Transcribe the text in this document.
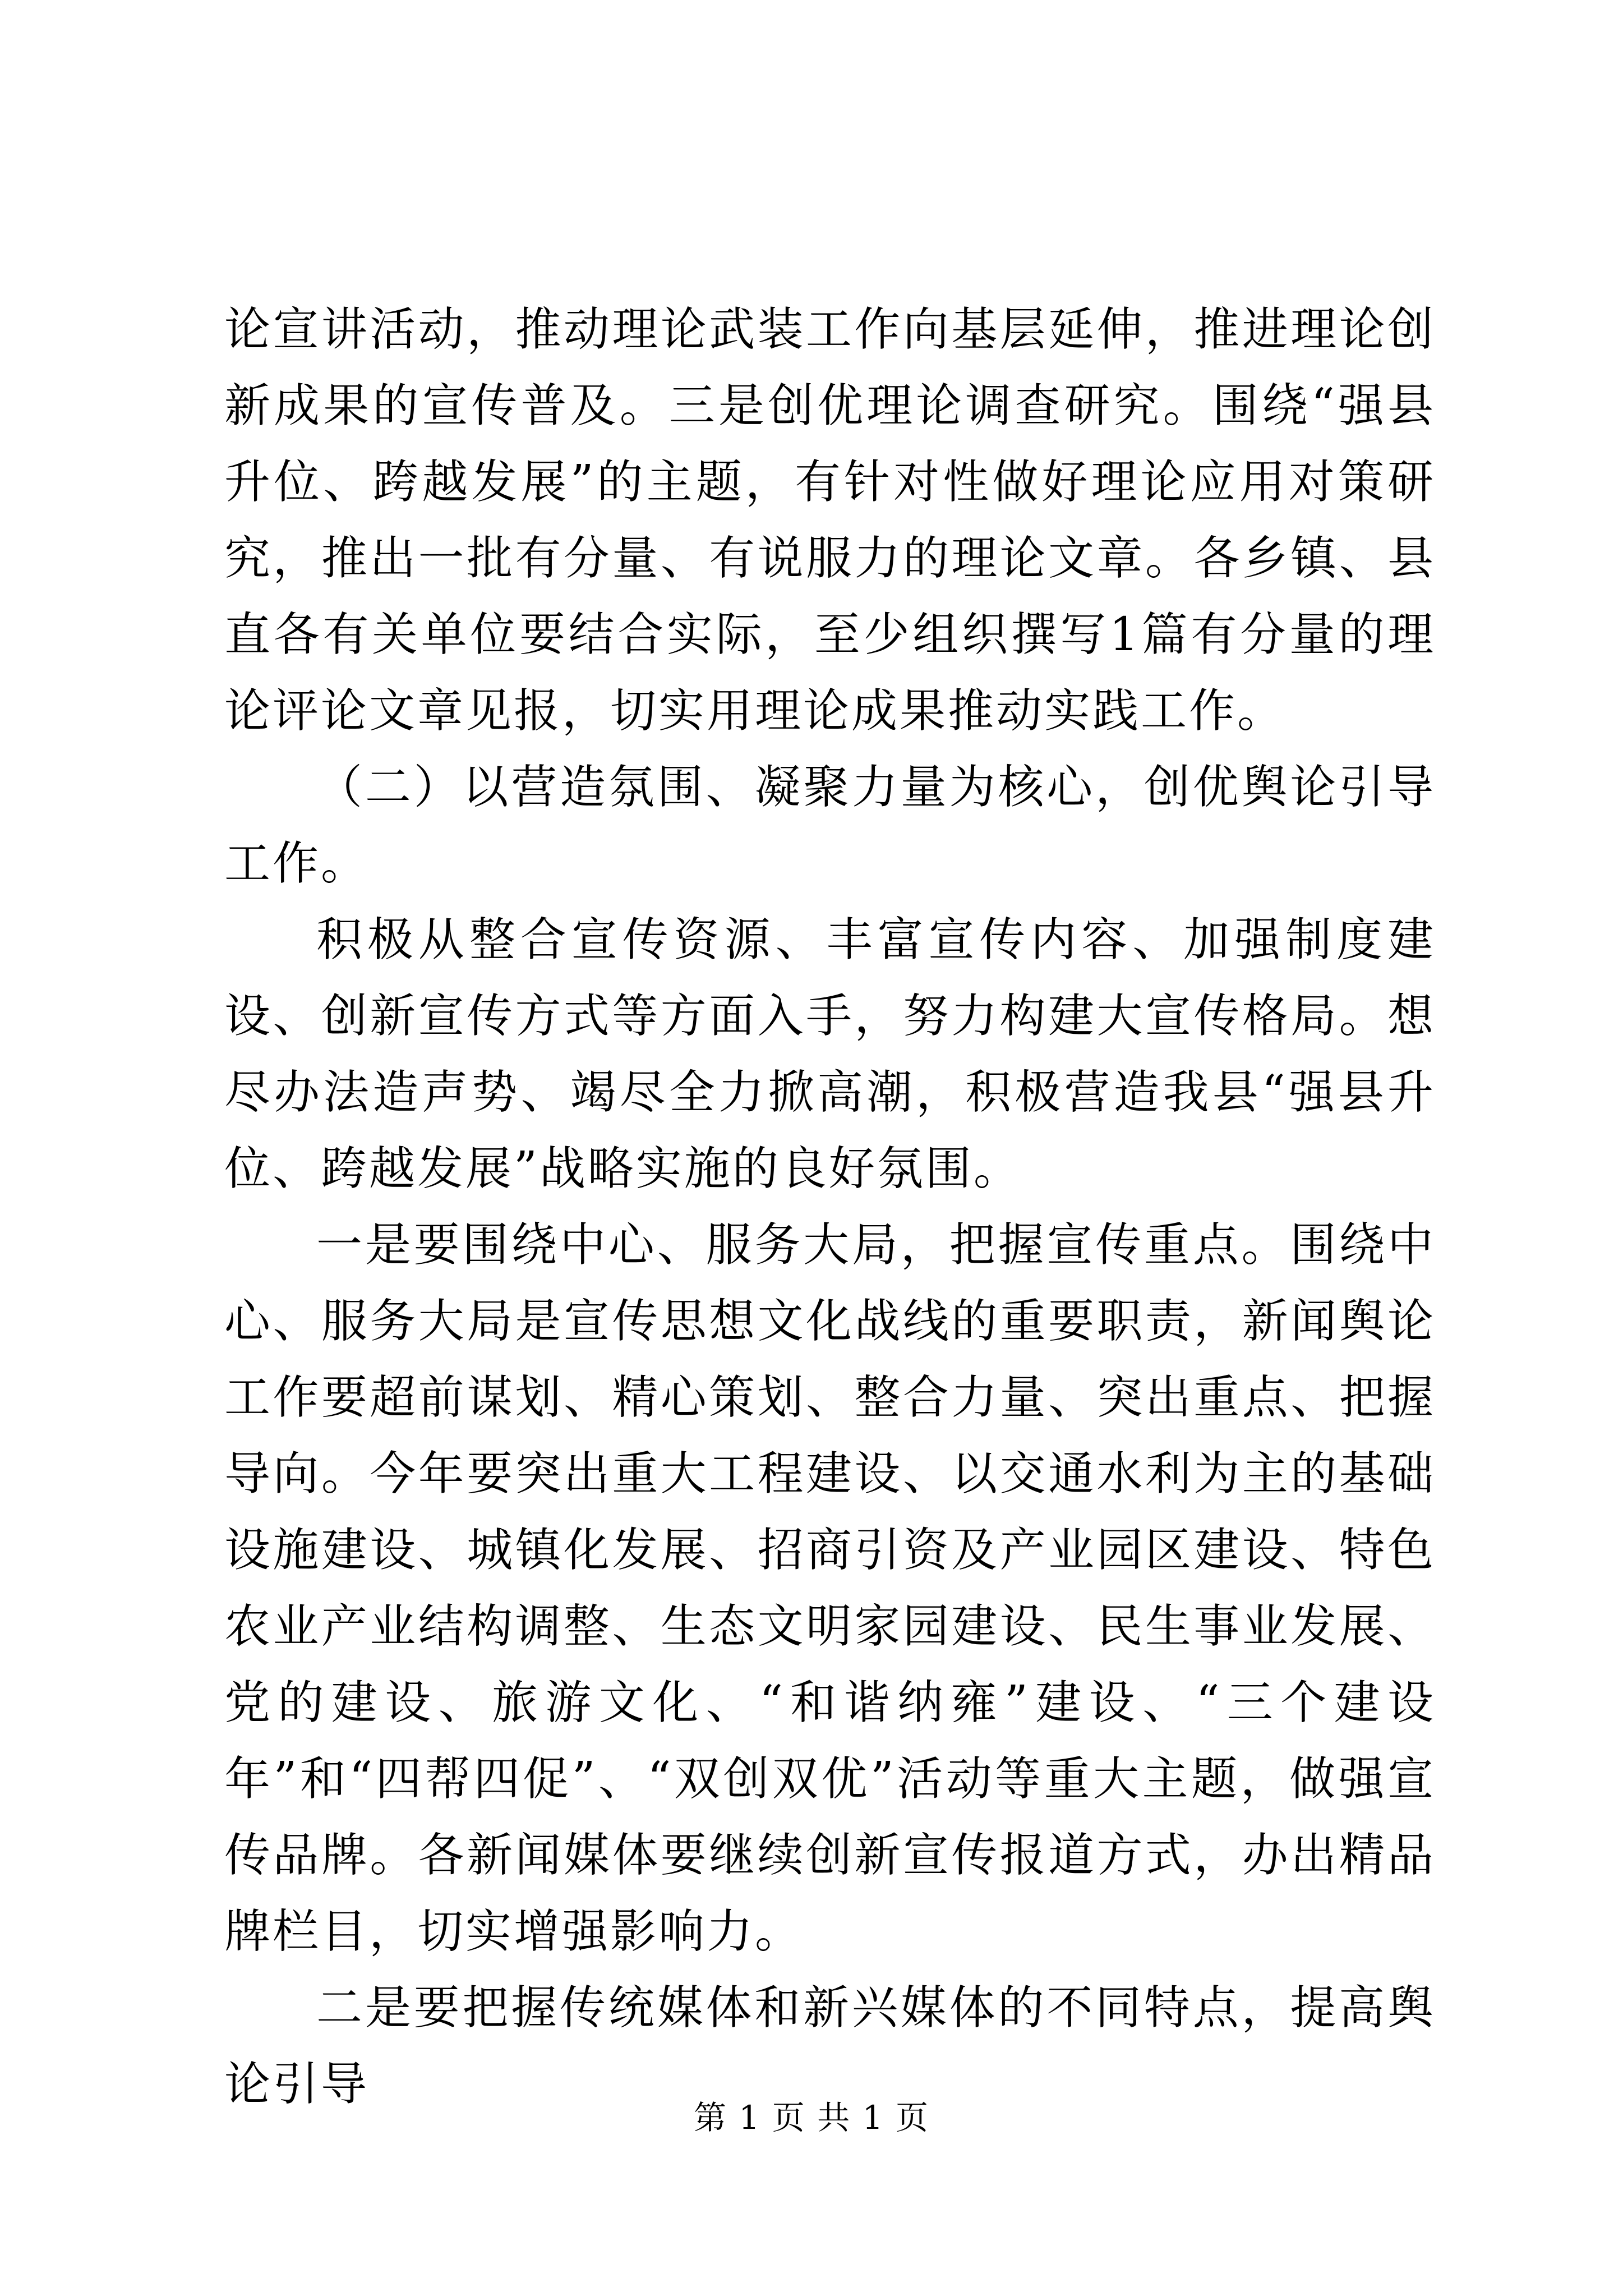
论宣讲活动，推动理论武装工作向基层延伸，推进理论创新成果的宣传普及。三是创优理论调查研究。围绕“强县升位、跨越发展”的主题，有针对性做好理论应用对策研究，推出一批有分量、有说服力的理论文章。各乡镇、县直各有关单位要结合实际，至少组织撰写1篇有分量的理论评论文章见报，切实用理论成果推动实践工作。

（二）以营造氛围、凝聚力量为核心，创优舆论引导工作。

积极从整合宣传资源、丰富宣传内容、加强制度建设、创新宣传方式等方面入手，努力构建大宣传格局。想尽办法造声势、竭尽全力掀高潮，积极营造我县“强县升位、跨越发展”战略实施的良好氛围。

一是要围绕中心、服务大局，把握宣传重点。围绕中心、服务大局是宣传思想文化战线的重要职责，新闻舆论工作要超前谋划、精心策划、整合力量、突出重点、把握导向。今年要突出重大工程建设、以交通水利为主的基础设施建设、城镇化发展、招商引资及产业园区建设、特色农业产业结构调整、生态文明家园建设、民生事业发展、党的建设、旅游文化、“和谐纳雍”建设、“三个建设年”和“四帮四促”、“双创双优”活动等重大主题，做强宣传品牌。各新闻媒体要继续创新宣传报道方式，办出精品牌栏目，切实增强影响力。

二是要把握传统媒体和新兴媒体的不同特点，提高舆论引导

第 1 页 共 1 页
